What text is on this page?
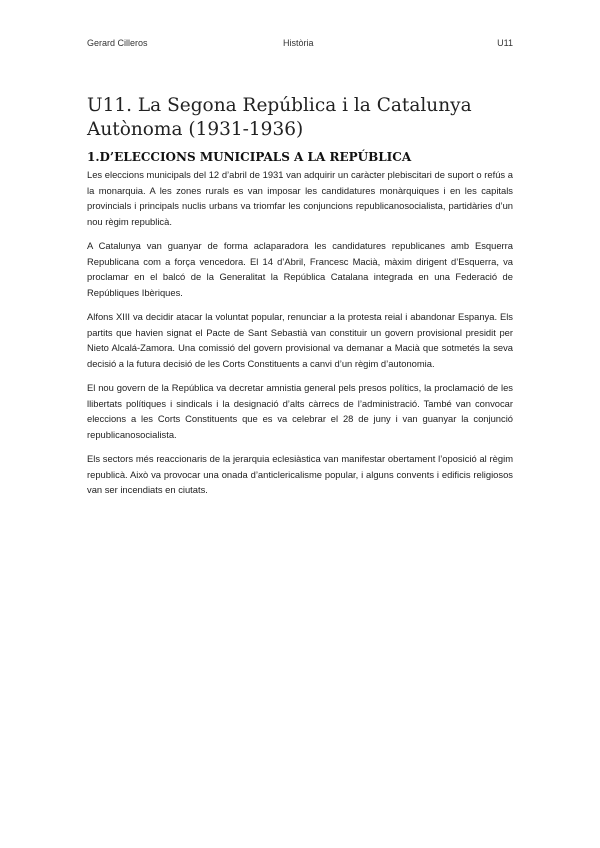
Gerard Cilleros	Història	U11
U11. La Segona República i la Catalunya Autònoma (1931-1936)
1.D’ELECCIONS MUNICIPALS A LA REPÚBLICA

Les eleccions municipals del 12 d’abril de 1931 van adquirir un caràcter plebiscitari de suport o refús a la monarquia. A les zones rurals es van imposar les candidatures monàrquiques i en les capitals provincials i principals nuclis urbans va triomfar les conjuncions republicanosocialista, partidàries d’un nou règim republicà.

A Catalunya van guanyar de forma aclaparadora les candidatures republicanes amb Esquerra Republicana com a força vencedora. El 14 d’Abril, Francesc Macià, màxim dirigent d’Esquerra, va proclamar en el balcó de la Generalitat la República Catalana integrada en una Federació de Repúbliques Ibèriques.

Alfons XIII va decidir atacar la voluntat popular, renunciar a la protesta reial i abandonar Espanya. Els partits que havien signat el Pacte de Sant Sebastià van constituir un govern provisional presidit per Nieto Alcalá-Zamora. Una comissió del govern provisional va demanar a Macià que sotmetés la seva decisió a la futura decisió de les Corts Constituents a canvi d’un règim d’autonomia.

El nou govern de la República va decretar amnistia general pels presos polítics, la proclamació de les llibertats polítiques i sindicals i la designació d’alts càrrecs de l’administració. També van convocar eleccions a les Corts Constituents que es va celebrar el 28 de juny i van guanyar la conjunció republicanosocialista.

Els sectors més reaccionaris de la jerarquia eclesiàstica van manifestar obertament l’oposició al règim republicà. Això va provocar una onada d’anticlericalisme popular, i alguns convents i edificis religiosos van ser incendiats en ciutats.
